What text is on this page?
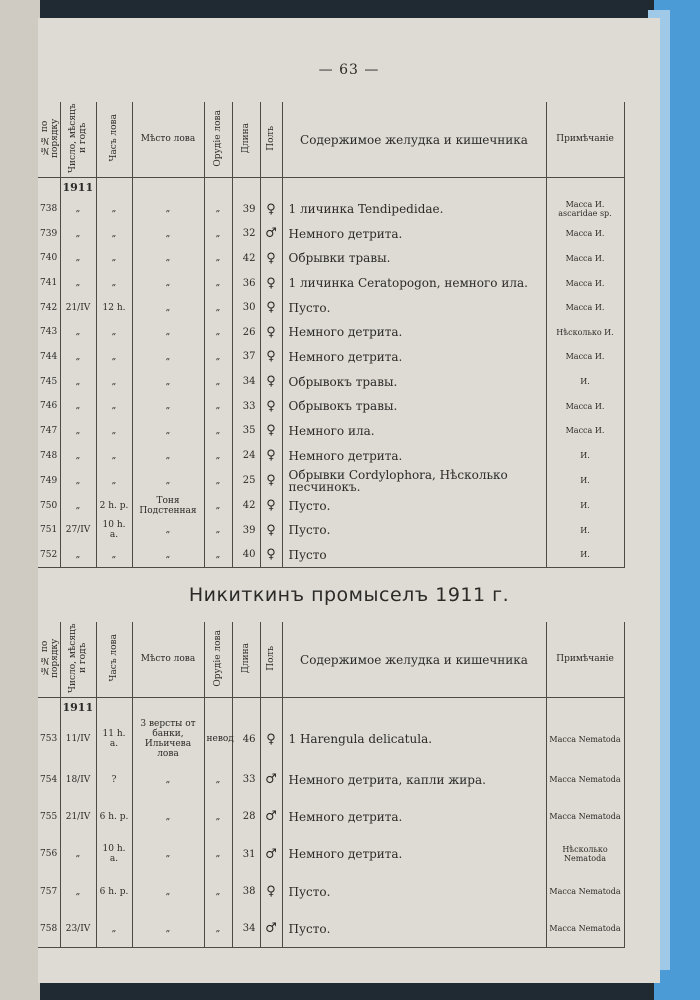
— 63 —
№№ по порядку	Число, мѣсяцъ и годъ	Часъ лова	Мѣсто лова	Орудіе лова	Длина	Полъ	Содержимое желудка и кишечника	Примѣчаніе
	1911							
738	„	„	„	„	39	♀	1 личинка Tendipedidae.	Масса И. ascaridae sp.
739	„	„	„	„	32	♂	Немного детрита.	Масса И.
740	„	„	„	„	42	♀	Обрывки травы.	Масса И.
741	„	„	„	„	36	♀	1 личинка Ceratopogon, немного ила.	Масса И.
742	21/IV	12 h.	„	„	30	♀	Пусто.	Масса И.
743	„	„	„	„	26	♀	Немного детрита.	Нѣсколько И.
744	„	„	„	„	37	♀	Немного детрита.	Масса И.
745	„	„	„	„	34	♀	Обрывокъ травы.	И.
746	„	„	„	„	33	♀	Обрывокъ травы.	Масса И.
747	„	„	„	„	35	♀	Немного ила.	Масса И.
748	„	„	„	„	24	♀	Немного детрита.	И.
749	„	„	„	„	25	♀	Обрывки Cordylophora, Нѣсколько песчинокъ.	И.
750	„	2 h. p.	Тоня Подстенная	„	42	♀	Пусто.	И.
751	27/IV	10 h. a.	„	„	39	♀	Пусто.	И.
752	„	„	„	„	40	♀	Пусто	И.
Никиткинъ промыселъ 1911 г.
№№ по порядку	Число, мѣсяцъ и годъ	Часъ лова	Мѣсто лова	Орудіе лова	Длина	Полъ	Содержимое желудка и кишечника	Примѣчаніе
	1911							
753	11/IV	11 h. a.	3 версты от банки, Ильичева лова	невод	46	♀	1 Harengula delicatula.	Масса Nematoda
754	18/IV	?	„	„	33	♂	Немного детрита, капли жира.	Масса Nematoda
755	21/IV	6 h. p.	„	„	28	♂	Немного детрита.	Масса Nematoda
756	„	10 h. a.	„	„	31	♂	Немного детрита.	Нѣсколько Nematoda
757	„	6 h. p.	„	„	38	♀	Пусто.	Масса Nematoda
758	23/IV	„	„	„	34	♂	Пусто.	Масса Nematoda
